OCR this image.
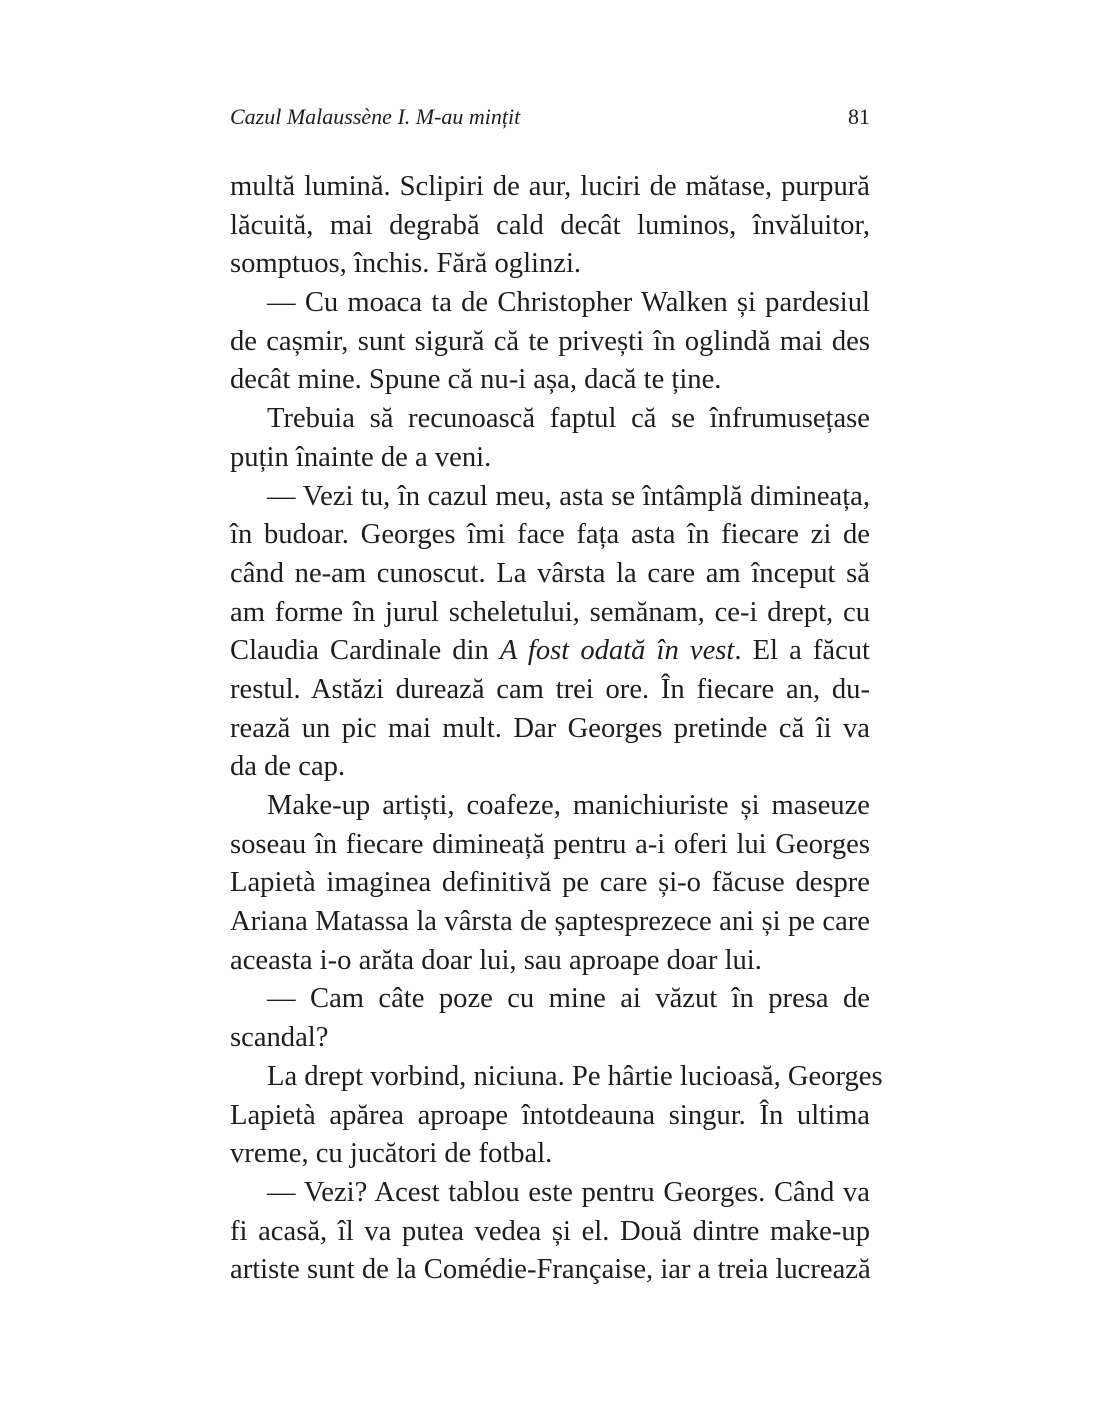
Cazul Malaussène I. M-au mințit	81
multă lumină. Sclipiri de aur, luciri de mătase, purpură
lăcuită, mai degrabă cald decât luminos, învăluitor,
somptuos, închis. Fără oglinzi.
— Cu moaca ta de Christopher Walken și pardesiul
de cașmir, sunt sigură că te privești în oglindă mai des
decât mine. Spune că nu-i așa, dacă te ține.
Trebuia să recunoască faptul că se înfrumusețase
puțin înainte de a veni.
— Vezi tu, în cazul meu, asta se întâmplă dimineața,
în budoar. Georges îmi face fața asta în fiecare zi de
când ne-am cunoscut. La vârsta la care am început să
am forme în jurul scheletului, semănam, ce-i drept, cu
Claudia Cardinale din A fost odată în vest. El a făcut
restul. Astăzi durează cam trei ore. În fiecare an, du-
rează un pic mai mult. Dar Georges pretinde că îi va
da de cap.
Make-up artiști, coafeze, manichiuriste și maseuze
soseau în fiecare dimineață pentru a-i oferi lui Georges
Lapietà imaginea definitivă pe care și-o făcuse despre
Ariana Matassa la vârsta de șaptesprezece ani și pe care
aceasta i-o arăta doar lui, sau aproape doar lui.
— Cam câte poze cu mine ai văzut în presa de
scandal?
La drept vorbind, niciuna. Pe hârtie lucioasă, Georges
Lapietà apărea aproape întotdeauna singur. În ultima
vreme, cu jucători de fotbal.
— Vezi? Acest tablou este pentru Georges. Când va
fi acasă, îl va putea vedea și el. Două dintre make-up
artiste sunt de la Comédie-Française, iar a treia lucrează
